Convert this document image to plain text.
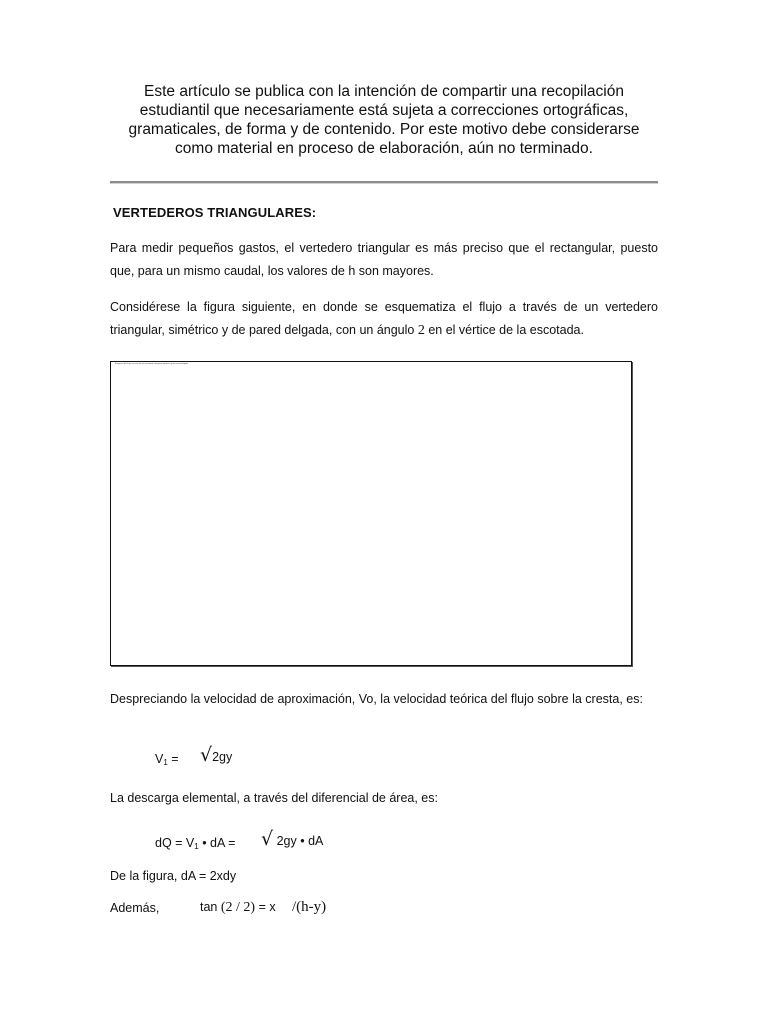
Este artículo se publica con la intención de compartir una recopilación
estudiantil que necesariamente está sujeta a correcciones ortográficas,
gramaticales, de forma y de contenido. Por este motivo debe considerarse
como material en proceso de elaboración, aún no terminado.
VERTEDEROS TRIANGULARES:

Para medir pequeños gastos, el vertedero triangular es más preciso que el rectangular, puesto que, para un mismo caudal, los valores de h son mayores.

Considérese la figura siguiente, en donde se esquematiza el flujo a través de un vertedero triangular, simétrico y de pared delgada, con un ángulo 2 en el vértice de la escotada.

Esquema del flujo a través de un vertedero triangular simétrico y de pared delgada

Despreciando la velocidad de aproximación, Vo, la velocidad teórica del flujo sobre la cresta, es:

$V_1 = √2gy$

La descarga elemental, a través del diferencial de área, es:

dQ = $V_1$ • dA = √ 2gy • dA

De la figura, dA = 2xdy

Además,	tan (2 / 2) = x /(h-y)
